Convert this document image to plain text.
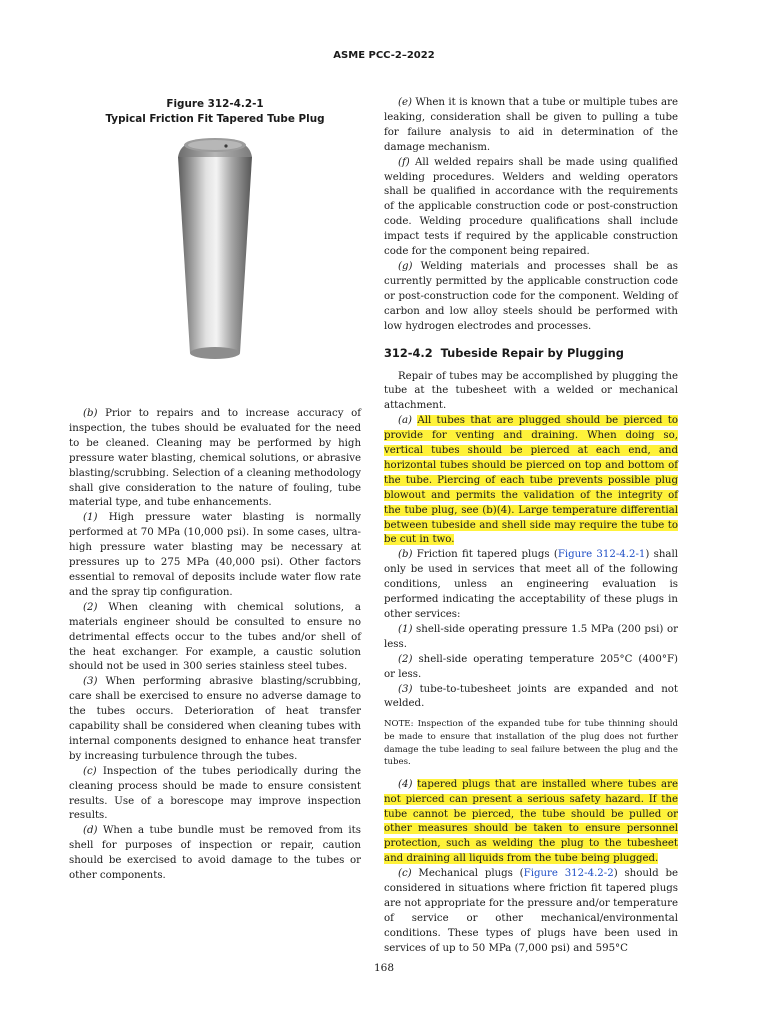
ASME PCC-2–2022
Figure 312-4.2-1
Typical Friction Fit Tapered Tube Plug

(b) Prior to repairs and to increase accuracy of inspection, the tubes should be evaluated for the need to be cleaned. Cleaning may be performed by high pressure water blasting, chemical solutions, or abrasive blasting/scrubbing. Selection of a cleaning methodology shall give consideration to the nature of fouling, tube material type, and tube enhancements.

(1) High pressure water blasting is normally performed at 70 MPa (10,000 psi). In some cases, ultra-high pressure water blasting may be necessary at pressures up to 275 MPa (40,000 psi). Other factors essential to removal of deposits include water flow rate and the spray tip configuration.

(2) When cleaning with chemical solutions, a materials engineer should be consulted to ensure no detrimental effects occur to the tubes and/or shell of the heat exchanger. For example, a caustic solution should not be used in 300 series stainless steel tubes.

(3) When performing abrasive blasting/scrubbing, care shall be exercised to ensure no adverse damage to the tubes occurs. Deterioration of heat transfer capability shall be considered when cleaning tubes with internal components designed to enhance heat transfer by increasing turbulence through the tubes.

(c) Inspection of the tubes periodically during the cleaning process should be made to ensure consistent results. Use of a borescope may improve inspection results.

(d) When a tube bundle must be removed from its shell for purposes of inspection or repair, caution should be exercised to avoid damage to the tubes or other components.

(e) When it is known that a tube or multiple tubes are leaking, consideration shall be given to pulling a tube for failure analysis to aid in determination of the damage mechanism.

(f) All welded repairs shall be made using qualified welding procedures. Welders and welding operators shall be qualified in accordance with the requirements of the applicable construction code or post-construction code. Welding procedure qualifications shall include impact tests if required by the applicable construction code for the component being repaired.

(g) Welding materials and processes shall be as currently permitted by the applicable construction code or post-construction code for the component. Welding of carbon and low alloy steels should be performed with low hydrogen electrodes and processes.

312-4.2 Tubeside Repair by Plugging

Repair of tubes may be accomplished by plugging the tube at the tubesheet with a welded or mechanical attachment.

(a) All tubes that are plugged should be pierced to provide for venting and draining. When doing so, vertical tubes should be pierced at each end, and horizontal tubes should be pierced on top and bottom of the tube. Piercing of each tube prevents possible plug blowout and permits the validation of the integrity of the tube plug, see (b)(4). Large temperature differential between tubeside and shell side may require the tube to be cut in two.

(b) Friction fit tapered plugs (Figure 312-4.2-1) shall only be used in services that meet all of the following conditions, unless an engineering evaluation is performed indicating the acceptability of these plugs in other services:

(1) shell-side operating pressure 1.5 MPa (200 psi) or less.

(2) shell-side operating temperature 205°C (400°F) or less.

(3) tube-to-tubesheet joints are expanded and not welded.

NOTE: Inspection of the expanded tube for tube thinning should be made to ensure that installation of the plug does not further damage the tube leading to seal failure between the plug and the tubes.

(4) tapered plugs that are installed where tubes are not pierced can present a serious safety hazard. If the tube cannot be pierced, the tube should be pulled or other measures should be taken to ensure personnel protection, such as welding the plug to the tubesheet and draining all liquids from the tube being plugged.

(c) Mechanical plugs (Figure 312-4.2-2) should be considered in situations where friction fit tapered plugs are not appropriate for the pressure and/or temperature of service or other mechanical/environmental conditions. These types of plugs have been used in services of up to 50 MPa (7,000 psi) and 595°C

168
